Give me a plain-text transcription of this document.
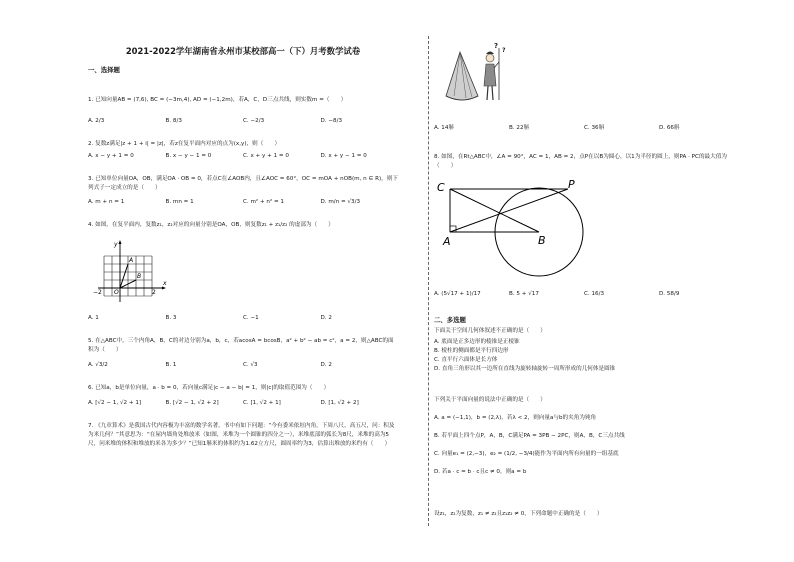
2021-2022学年湖南省永州市某校部高一（下）月考数学试卷
一、选择题

1. 已知向量AB = (7,6), BC = (−3m,4), AD = (−1,2m)，若A，C，D三点共线，则实数m =（　　）

A. 2/3	B. 8/3	C. −2/3	D. −8/3

2. 复数z满足|z + 1 + i| = |z|，若z在复平面内对应的点为(x,y)，则（　　）

A. x − y + 1 = 0	B. x − y − 1 = 0	C. x + y + 1 = 0	D. x + y − 1 = 0

3. 已知单位向量OA，OB，满足OA · OB = 0，若点C在∠AOB内，且∠AOC = 60°，OC = mOA + nOB(m, n ∈ R)，则下列式子一定成立的是（　　）

A. m + n = 1	B. mn = 1	C. m² + n² = 1	D. m/n = √3/3

4. 如图，在复平面内，复数z₁，z₂对应的向量分别是OA，OB，则复数z₁ + z₁/z₂ 的虚部为（　　）

y
x
A
B
O
−2	2
A. 1	B. 3	C. −1	D. 2

5. 在△ABC中，三个内角A，B，C的对边分别为a，b，c，若acosA = bcosB，a² + b² − ab = c²，a = 2，则△ABC的面积为（　　）

A. √3/2	B. 1	C. √3	D. 2

6. 已知a，b是单位向量，a · b = 0，若向量c满足|c − a − b| = 1，则|c|的取值范围为（　　）

A. [√2 − 1, √2 + 1]	B. [√2 − 1, √2 + 2]	C. [1, √2 + 1]	D. [1, √2 + 2]

7. 《九章算术》是我国古代内容极为丰富的数学名著，书中有如下问题：“今有委米依垣内角，下周八尺，高五尺，问：积及为米几何？”其意思为：“在屋内墙角处堆放米（如图，米堆为一个圆锥的四分之一），米堆底部的弧长为8尺，米堆的高为5尺，问米堆的体积和堆放的米各为多少？”已知1斛米的体积约为1.62立方尺，圆周率约为3，估算出堆放的米约有（　　）

?
?
A. 14斛	B. 22斛	C. 36斛	D. 66斛

8. 如图，在Rt△ABC中，∠A = 90°，AC = 1，AB = 2，点P在以B为圆心，以1为半径的圆上，则PA · PC的最大值为（　　）

C	P
A	B
A. (5√17 + 1)/17	B. 5 + √17	C. 16/3	D. 58/9
二、多选题
下面关于空间几何体叙述不正确的是（　　）
A. 底面是正多边形的棱锥是正棱锥
B. 棱柱的侧面都是平行四边形
C. 直平行六面体是长方体
D. 直角三角形以其一边所在直线为旋转轴旋转一周所形成的几何体是圆锥
下列关于平面向量的说法中正确的是（　　）
A. a = (−1,1)，b = (2,λ)，若λ < 2，则向量a与b的夹角为钝角
B. 若平面上四个点P，A，B，C满足PA = 3PB − 2PC，则A，B，C三点共线
C. 向量e₁ = (2,−3)，e₂ = (1/2, −3/4)能作为平面内所有向量的一组基底
D. 若a · c = b · c且c ≠ 0，则a = b
设z₁，z₂为复数，z₁ ≠ z₂且z₁z₂ ≠ 0，下列命题中正确的是（　　）
